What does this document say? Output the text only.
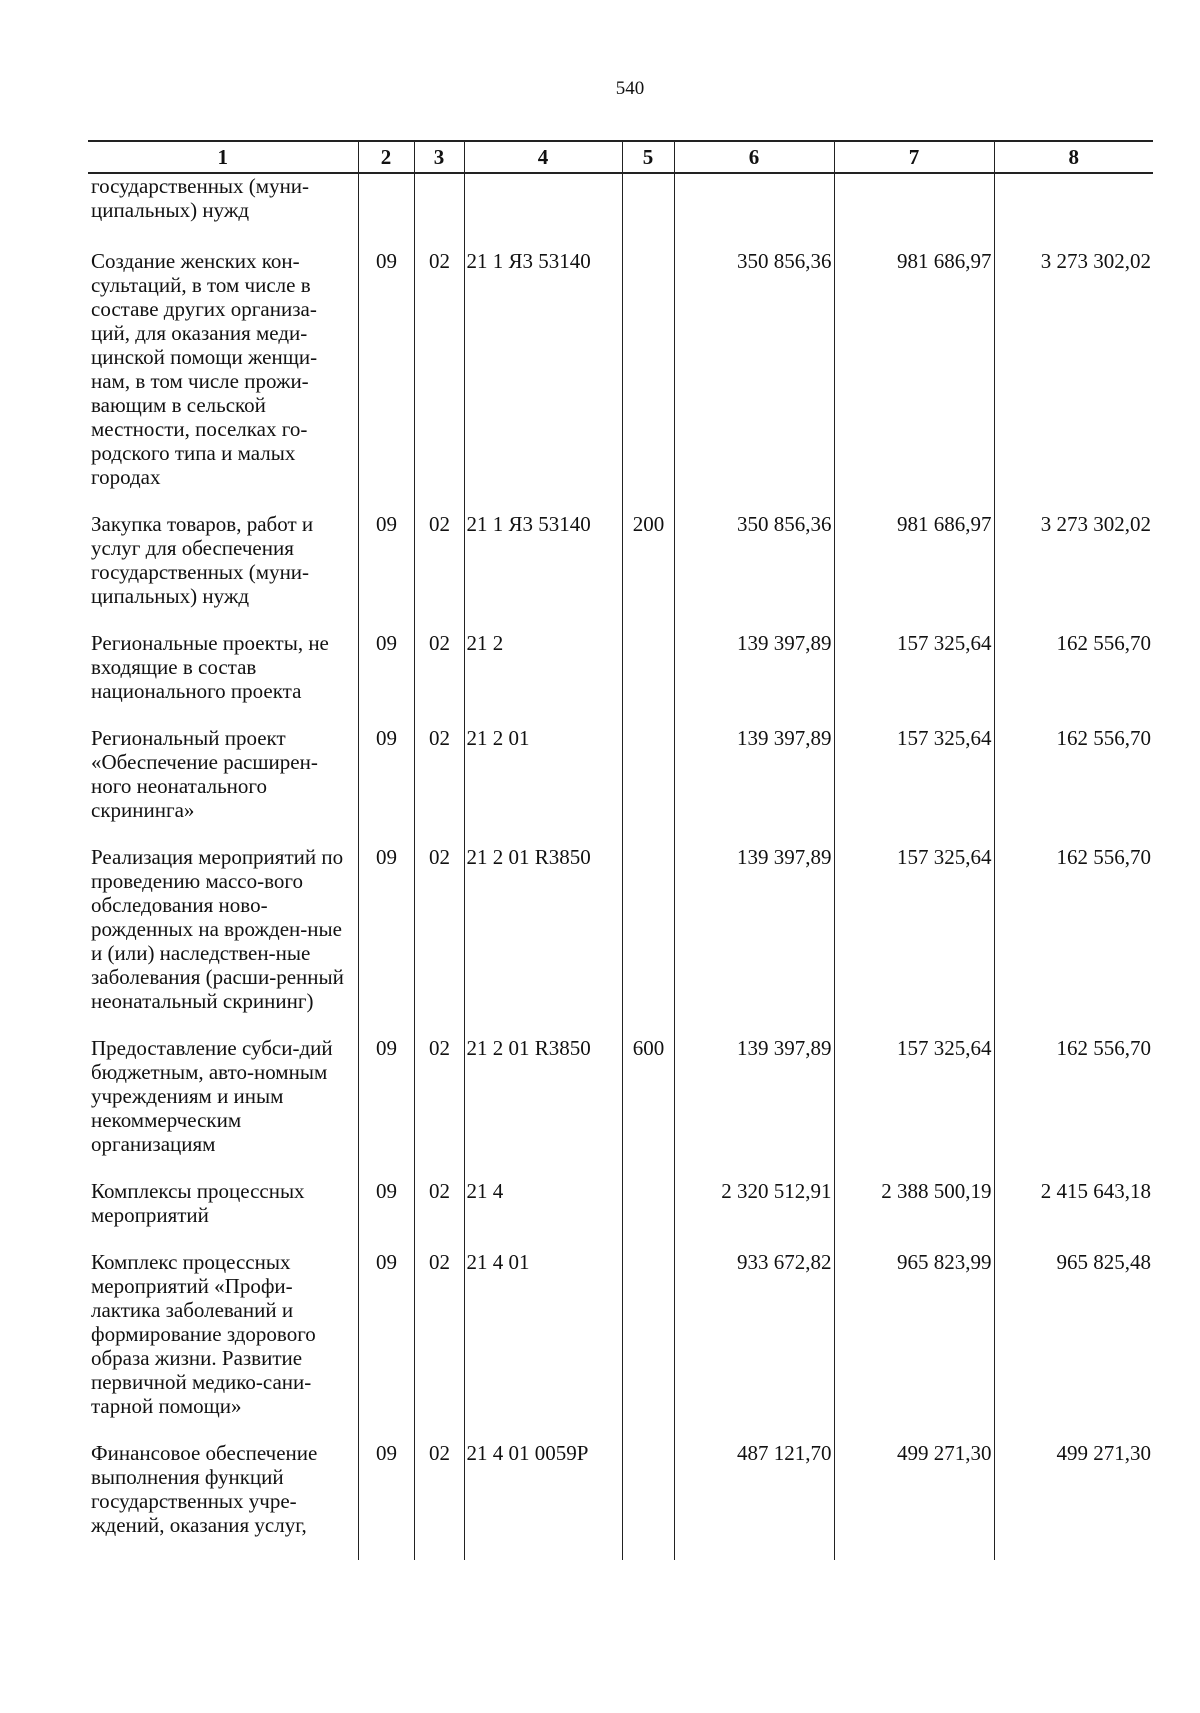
540
1	2	3	4	5	6	7	8
государственных (муни-ципальных) нужд							
Создание женских кон-сультаций, в том числе в составе других организа-ций, для оказания меди-цинской помощи женщи-нам, в том числе прожи-вающим в сельской местности, поселках го-родского типа и малых городах	09	02	21 1 Я3 53140		350 856,36	981 686,97	3 273 302,02
Закупка товаров, работ и услуг для обеспечения государственных (муни-ципальных) нужд	09	02	21 1 Я3 53140	200	350 856,36	981 686,97	3 273 302,02
Региональные проекты, не входящие в состав национального проекта	09	02	21 2		139 397,89	157 325,64	162 556,70
Региональный проект «Обеспечение расширен-ного неонатального скрининга»	09	02	21 2 01		139 397,89	157 325,64	162 556,70
Реализация мероприятий по проведению массо-вого обследования ново-рожденных на врожден-ные и (или) наследствен-ные заболевания (расши-ренный неонатальный скрининг)	09	02	21 2 01 R3850		139 397,89	157 325,64	162 556,70
Предоставление субси-дий бюджетным, авто-номным учреждениям и иным некоммерческим организациям	09	02	21 2 01 R3850	600	139 397,89	157 325,64	162 556,70
Комплексы процессных мероприятий	09	02	21 4		2 320 512,91	2 388 500,19	2 415 643,18
Комплекс процессных мероприятий «Профи-лактика заболеваний и формирование здорового образа жизни. Развитие первичной медико-сани-тарной помощи»	09	02	21 4 01		933 672,82	965 823,99	965 825,48
Финансовое обеспечение выполнения функций государственных учре-ждений, оказания услуг,	09	02	21 4 01 0059Р		487 121,70	499 271,30	499 271,30
